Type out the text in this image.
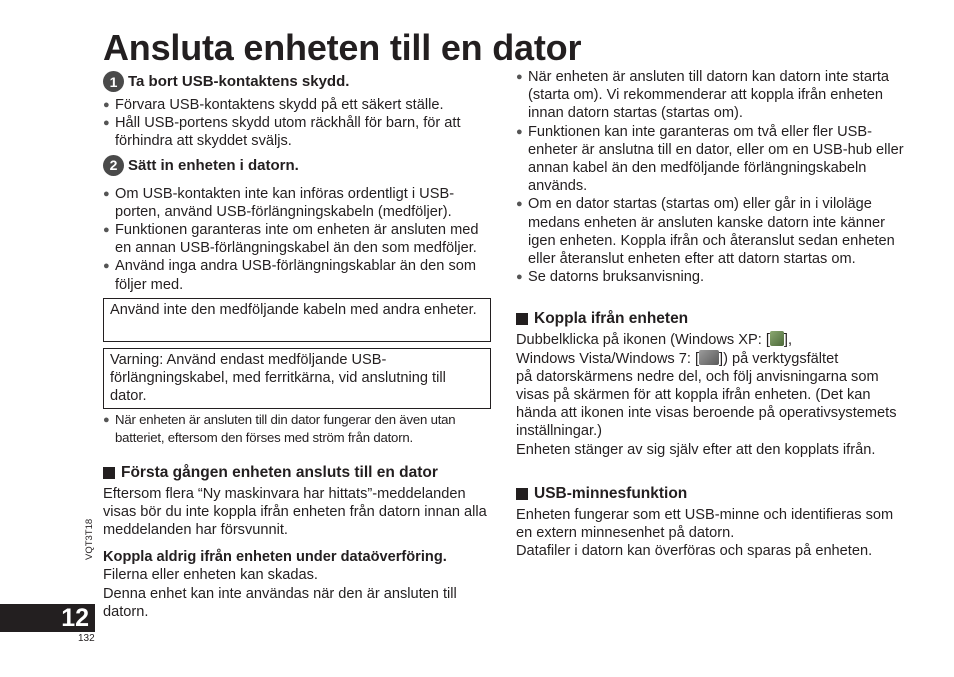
Ansluta enheten till en dator
1 Ta bort USB-kontaktens skydd.

● Förvara USB-kontaktens skydd på ett säkert ställe.

● Håll USB-portens skydd utom räckhåll för barn, för att förhindra att skyddet sväljs.

2 Sätt in enheten i datorn.

● Om USB-kontakten inte kan införas ordentligt i USB-porten, använd USB-förlängningskabeln (medföljer).

● Funktionen garanteras inte om enheten är ansluten med en annan USB-förlängningskabel än den som medföljer.

● Använd inga andra USB-förlängningskablar än den som följer med.

Använd inte den medföljande kabeln med andra enheter.

Varning: Använd endast medföljande USB-förlängningskabel, med ferritkärna, vid anslutning till dator.

● När enheten är ansluten till din dator fungerar den även utan batteriet, eftersom den förses med ström från datorn.

Första gången enheten ansluts till en dator

Eftersom flera “Ny maskinvara har hittats”-meddelanden visas bör du inte koppla ifrån enheten från datorn innan alla meddelanden har försvunnit.

Koppla aldrig ifrån enheten under dataöverföring.

Filerna eller enheten kan skadas.

Denna enhet kan inte användas när den är ansluten till datorn.

● När enheten är ansluten till datorn kan datorn inte starta (starta om). Vi rekommenderar att koppla ifrån enheten innan datorn startas (startas om).

● Funktionen kan inte garanteras om två eller fler USB-enheter är anslutna till en dator, eller om en USB-hub eller annan kabel än den medföljande förlängningskabeln används.

● Om en dator startas (startas om) eller går in i viloläge medans enheten är ansluten kanske datorn inte känner igen enheten. Koppla ifrån och återanslut sedan enheten eller återanslut enheten efter att datorn startas om.

● Se datorns bruksanvisning.

Koppla ifrån enheten

Dubbelklicka på ikonen (Windows XP: [ ],

Windows Vista/Windows 7: [ ]) på verktygsfältet

på datorskärmens nedre del, och följ anvisningarna som visas på skärmen för att koppla ifrån enheten. (Det kan hända att ikonen inte visas beroende på operativsystemets inställningar.)

Enheten stänger av sig själv efter att den kopplats ifrån.

USB-minnesfunktion

Enheten fungerar som ett USB-minne och identifieras som en extern minnesenhet på datorn.

Datafiler i datorn kan överföras och sparas på enheten.

VQT3T18
12
132
